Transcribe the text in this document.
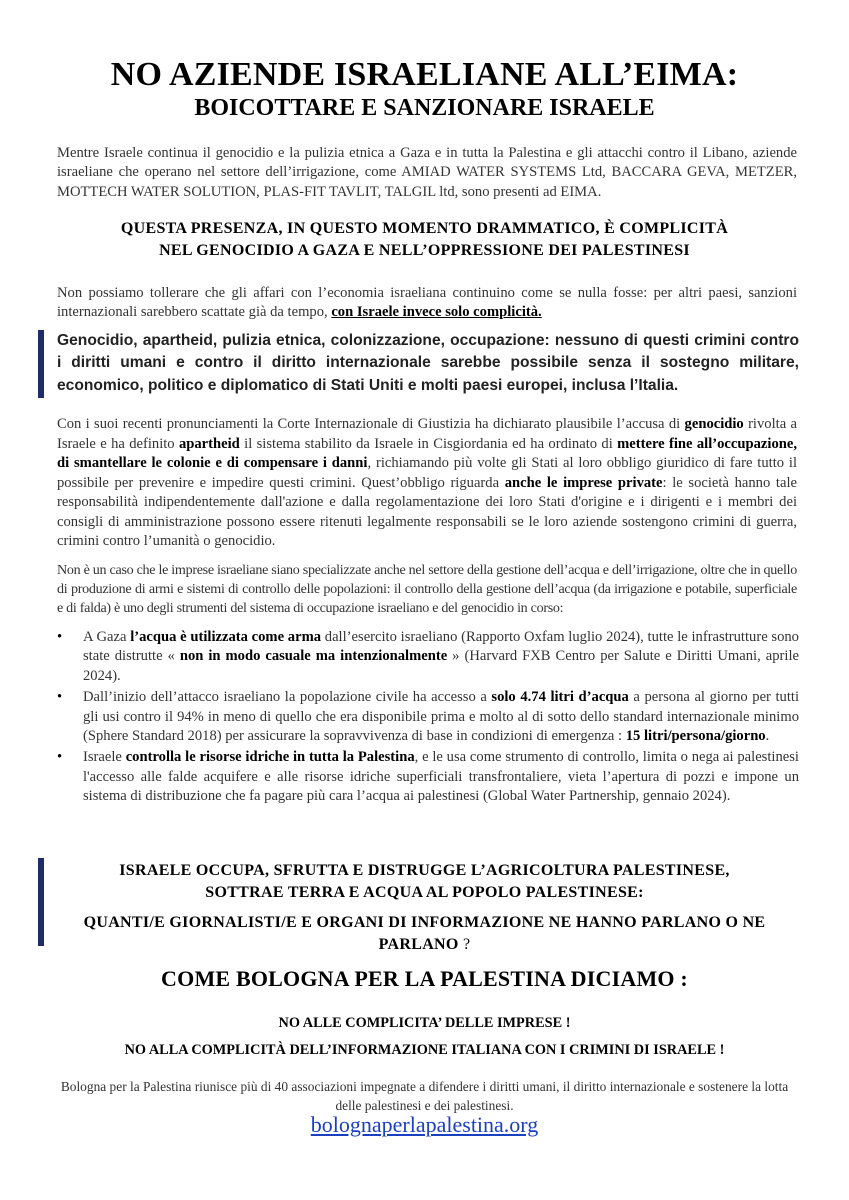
NO AZIENDE ISRAELIANE ALL’EIMA:
BOICOTTARE E SANZIONARE ISRAELE
Mentre Israele continua il genocidio e la pulizia etnica a Gaza e in tutta la Palestina e gli attacchi contro il Libano, aziende israeliane che operano nel settore dell’irrigazione, come AMIAD WATER SYSTEMS Ltd, BACCARA GEVA, METZER, MOTTECH WATER SOLUTION, PLAS-FIT TAVLIT, TALGIL ltd, sono presenti ad EIMA.
QUESTA PRESENZA, IN QUESTO MOMENTO DRAMMATICO, È COMPLICITÀ
NEL GENOCIDIO A GAZA E NELL’OPPRESSIONE DEI PALESTINESI
Non possiamo tollerare che gli affari con l’economia israeliana continuino come se nulla fosse: per altri paesi, sanzioni internazionali sarebbero scattate già da tempo, con Israele invece solo complicità.
Genocidio, apartheid, pulizia etnica, colonizzazione, occupazione: nessuno di questi crimini contro i diritti umani e contro il diritto internazionale sarebbe possibile senza il sostegno militare, economico, politico e diplomatico di Stati Uniti e molti paesi europei, inclusa l’Italia.
Con i suoi recenti pronunciamenti la Corte Internazionale di Giustizia ha dichiarato plausibile l’accusa di genocidio rivolta a Israele e ha definito apartheid il sistema stabilito da Israele in Cisgiordania ed ha ordinato di mettere fine all’occupazione, di smantellare le colonie e di compensare i danni, richiamando più volte gli Stati al loro obbligo giuridico di fare tutto il possibile per prevenire e impedire questi crimini. Quest’obbligo riguarda anche le imprese private: le società hanno tale responsabilità indipendentemente dall'azione e dalla regolamentazione dei loro Stati d'origine e i dirigenti e i membri dei consigli di amministrazione possono essere ritenuti legalmente responsabili se le loro aziende sostengono crimini di guerra, crimini contro l’umanità o genocidio.
Non è un caso che le imprese israeliane siano specializzate anche nel settore della gestione dell’acqua e dell’irrigazione, oltre che in quello di produzione di armi e sistemi di controllo delle popolazioni: il controllo della gestione dell’acqua (da irrigazione e potabile, superficiale e di falda) è uno degli strumenti del sistema di occupazione israeliano e del genocidio in corso:
• A Gaza l’acqua è utilizzata come arma dall’esercito israeliano (Rapporto Oxfam luglio 2024), tutte le infrastrutture sono state distrutte « non in modo casuale ma intenzionalmente » (Harvard FXB Centro per Salute e Diritti Umani, aprile 2024).
• Dall’inizio dell’attacco israeliano la popolazione civile ha accesso a solo 4.74 litri d’acqua a persona al giorno per tutti gli usi contro il 94% in meno di quello che era disponibile prima e molto al di sotto dello standard internazionale minimo (Sphere Standard 2018) per assicurare la sopravvivenza di base in condizioni di emergenza : 15 litri/persona/giorno.
• Israele controlla le risorse idriche in tutta la Palestina, e le usa come strumento di controllo, limita o nega ai palestinesi l'accesso alle falde acquifere e alle risorse idriche superficiali transfrontaliere, vieta l’apertura di pozzi e impone un sistema di distribuzione che fa pagare più cara l’acqua ai palestinesi (Global Water Partnership, gennaio 2024).
ISRAELE OCCUPA, SFRUTTA E DISTRUGGE L’AGRICOLTURA PALESTINESE,
SOTTRAE TERRA E ACQUA AL POPOLO PALESTINESE:
QUANTI/E GIORNALISTI/E E ORGANI DI INFORMAZIONE NE HANNO PARLANO O NE
PARLANO ?
COME BOLOGNA PER LA PALESTINA DICIAMO :
NO ALLE COMPLICITA’ DELLE IMPRESE !
NO ALLA COMPLICITÀ DELL’INFORMAZIONE ITALIANA CON I CRIMINI DI ISRAELE !
Bologna per la Palestina riunisce più di 40 associazioni impegnate a difendere i diritti umani, il diritto internazionale e sostenere la lotta delle palestinesi e dei palestinesi.
bolognaperlapalestina.org
